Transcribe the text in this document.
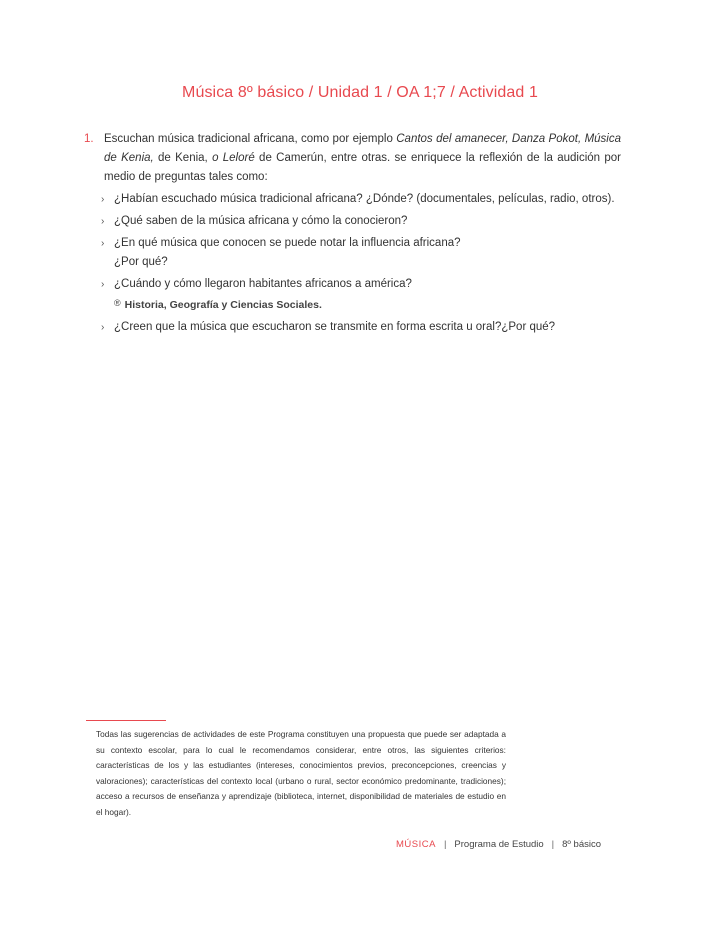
Música 8º básico / Unidad 1 / OA 1;7 / Actividad 1
1. Escuchan música tradicional africana, como por ejemplo Cantos del amanecer, Danza Pokot, Música de Kenia, de Kenia, o Leloré de Camerún, entre otras. se enriquece la reflexión de la audición por medio de preguntas tales como:
› ¿Habían escuchado música tradicional africana? ¿Dónde? (documentales, películas, radio, otros).
› ¿Qué saben de la música africana y cómo la conocieron?
› ¿En qué música que conocen se puede notar la influencia africana?
¿Por qué?
› ¿Cuándo y cómo llegaron habitantes africanos a américa?
® Historia, Geografía y Ciencias Sociales.
› ¿Creen que la música que escucharon se transmite en forma escrita u oral?¿Por qué?

Todas las sugerencias de actividades de este Programa constituyen una propuesta que puede ser adaptada a su contexto escolar, para lo cual le recomendamos considerar, entre otros, las siguientes criterios: características de los y las estudiantes (intereses, conocimientos previos, preconcepciones, creencias y valoraciones); características del contexto local (urbano o rural, sector económico predominante, tradiciones); acceso a recursos de enseñanza y aprendizaje (biblioteca, internet, disponibilidad de materiales de estudio en el hogar).

MÚSICA | Programa de Estudio | 8º básico
